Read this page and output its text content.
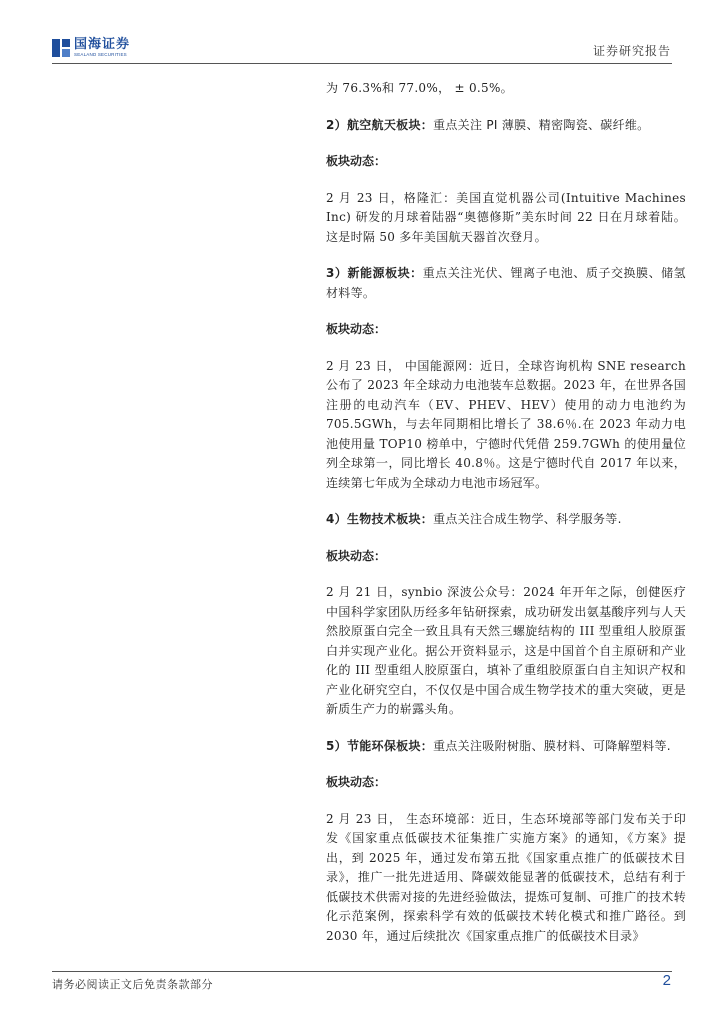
国海证券
SEALAND SECURITIES	证券研究报告

为 76.3%和 77.0%， ± 0.5%。

2）航空航天板块：重点关注 PI 薄膜、精密陶瓷、碳纤维。

板块动态：

2 月 23 日，格隆汇：美国直觉机器公司(Intuitive Machines Inc) 研发的月球着陆器“奥德修斯”美东时间 22 日在月球着陆。这是时隔 50 多年美国航天器首次登月。

3）新能源板块：重点关注光伏、锂离子电池、质子交换膜、储氢材料等。

板块动态：

2 月 23 日， 中国能源网：近日，全球咨询机构 SNE research 公布了 2023 年全球动力电池装车总数据。2023 年，在世界各国注册的电动汽车（EV、PHEV、HEV）使用的动力电池约为 705.5GWh，与去年同期相比增长了 38.6％.在 2023 年动力电池使用量 TOP10 榜单中，宁德时代凭借 259.7GWh 的使用量位列全球第一，同比增长 40.8％。这是宁德时代自 2017 年以来，连续第七年成为全球动力电池市场冠军。

4）生物技术板块：重点关注合成生物学、科学服务等.

板块动态：

2 月 21 日，synbio 深波公众号：2024 年开年之际，创健医疗中国科学家团队历经多年钻研探索，成功研发出氨基酸序列与人天然胶原蛋白完全一致且具有天然三螺旋结构的 III 型重组人胶原蛋白并实现产业化。据公开资料显示，这是中国首个自主原研和产业化的 III 型重组人胶原蛋白，填补了重组胶原蛋白自主知识产权和产业化研究空白，不仅仅是中国合成生物学技术的重大突破，更是新质生产力的崭露头角。

5）节能环保板块：重点关注吸附树脂、膜材料、可降解塑料等.

板块动态：

2 月 23 日， 生态环境部：近日，生态环境部等部门发布关于印发《国家重点低碳技术征集推广实施方案》的通知，《方案》提出，到 2025 年，通过发布第五批《国家重点推广的低碳技术目录》，推广一批先进适用、降碳效能显著的低碳技术，总结有利于低碳技术供需对接的先进经验做法，提炼可复制、可推广的技术转化示范案例，探索科学有效的低碳技术转化模式和推广路径。到 2030 年，通过后续批次《国家重点推广的低碳技术目录》

请务必阅读正文后免责条款部分	2
